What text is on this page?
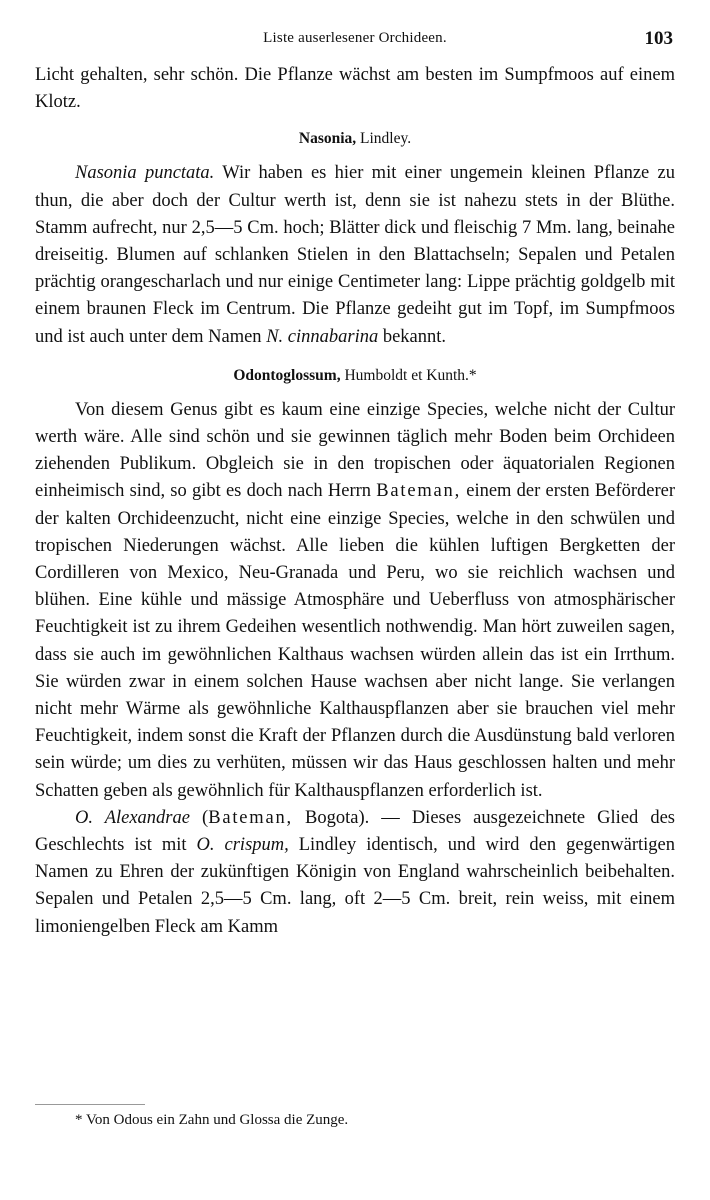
Liste auserlesener Orchideen.	103

Licht gehalten, sehr schön. Die Pflanze wächst am besten im Sumpfmoos auf einem Klotz.

Nasonia, Lindley.

Nasonia punctata. Wir haben es hier mit einer ungemein kleinen Pflanze zu thun, die aber doch der Cultur werth ist, denn sie ist nahezu stets in der Blüthe. Stamm aufrecht, nur 2,5—5 Cm. hoch; Blätter dick und fleischig 7 Mm. lang, beinahe dreiseitig. Blumen auf schlanken Stielen in den Blattachseln; Sepalen und Petalen prächtig orangescharlach und nur einige Centimeter lang: Lippe prächtig goldgelb mit einem braunen Fleck im Centrum. Die Pflanze gedeiht gut im Topf, im Sumpfmoos und ist auch unter dem Namen N. cinnabarina bekannt.

Odontoglossum, Humboldt et Kunth.*

Von diesem Genus gibt es kaum eine einzige Species, welche nicht der Cultur werth wäre. Alle sind schön und sie gewinnen täglich mehr Boden beim Orchideen ziehenden Publikum. Obgleich sie in den tropischen oder äquatorialen Regionen einheimisch sind, so gibt es doch nach Herrn Bateman, einem der ersten Beförderer der kalten Orchideenzucht, nicht eine einzige Species, welche in den schwülen und tropischen Niederungen wächst. Alle lieben die kühlen luftigen Bergketten der Cordilleren von Mexico, Neu-Granada und Peru, wo sie reichlich wachsen und blühen. Eine kühle und mässige Atmosphäre und Ueberfluss von atmosphärischer Feuchtigkeit ist zu ihrem Gedeihen wesentlich nothwendig. Man hört zuweilen sagen, dass sie auch im gewöhnlichen Kalthaus wachsen würden allein das ist ein Irrthum. Sie würden zwar in einem solchen Hause wachsen aber nicht lange. Sie verlangen nicht mehr Wärme als gewöhnliche Kalthauspflanzen aber sie brauchen viel mehr Feuchtigkeit, indem sonst die Kraft der Pflanzen durch die Ausdünstung bald verloren sein würde; um dies zu verhüten, müssen wir das Haus geschlossen halten und mehr Schatten geben als gewöhnlich für Kalthauspflanzen erforderlich ist.

O. Alexandrae (Bateman, Bogota). — Dieses ausgezeichnete Glied des Geschlechts ist mit O. crispum, Lindley identisch, und wird den gegenwärtigen Namen zu Ehren der zukünftigen Königin von England wahrscheinlich beibehalten. Sepalen und Petalen 2,5—5 Cm. lang, oft 2—5 Cm. breit, rein weiss, mit einem limoniengelben Fleck am Kamm

* Von Odous ein Zahn und Glossa die Zunge.
